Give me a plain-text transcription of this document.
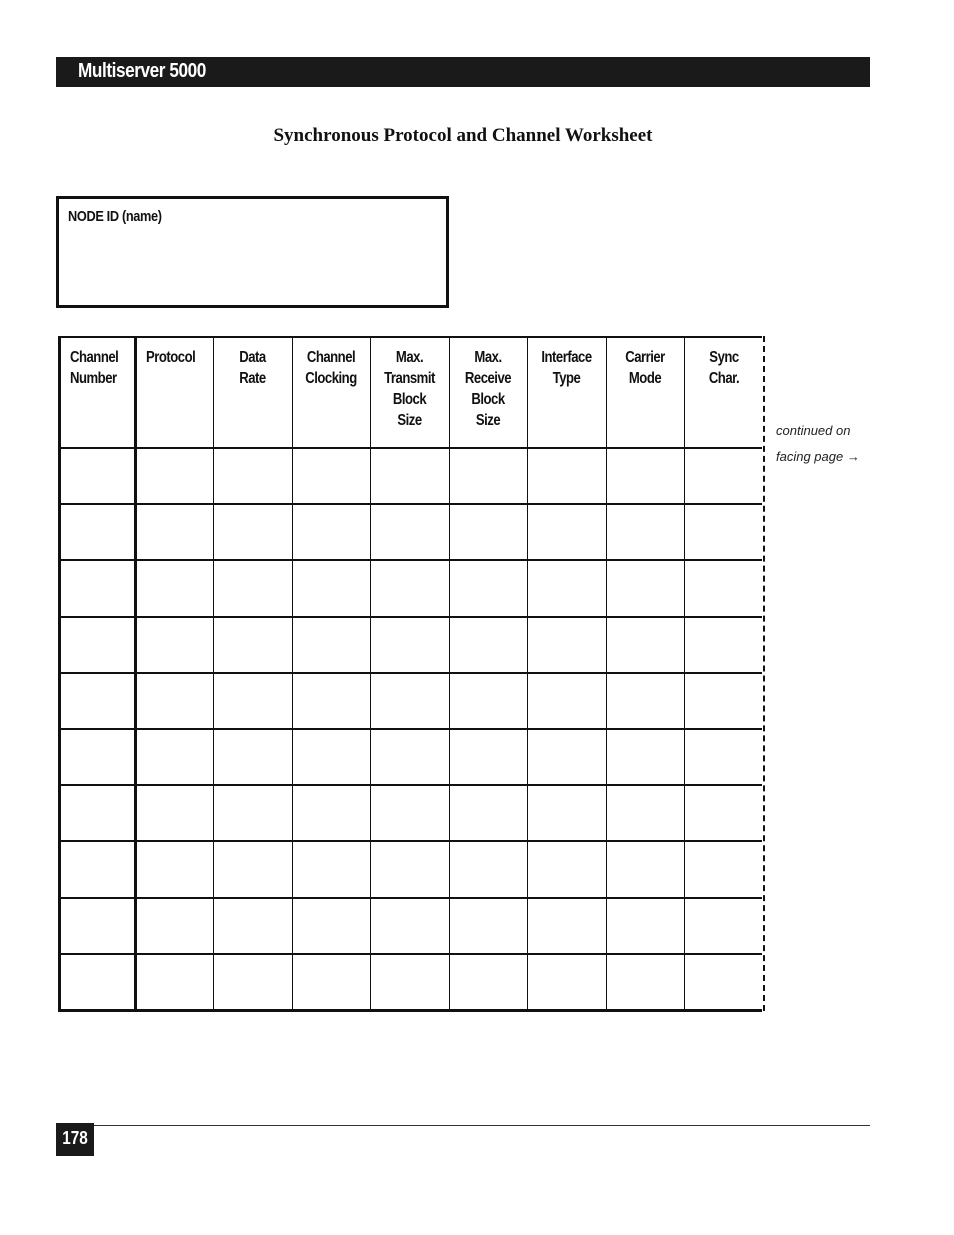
Multiserver 5000
Synchronous Protocol and Channel Worksheet
NODE ID (name)
Channel
Number
Protocol	Data
Rate
Channel
Clocking
Max.
Transmit
Block
Size
Max.
Receive
Block
Size
Interface
Type
Carrier
Mode
Sync
Char.
continued on
facing page →
178
